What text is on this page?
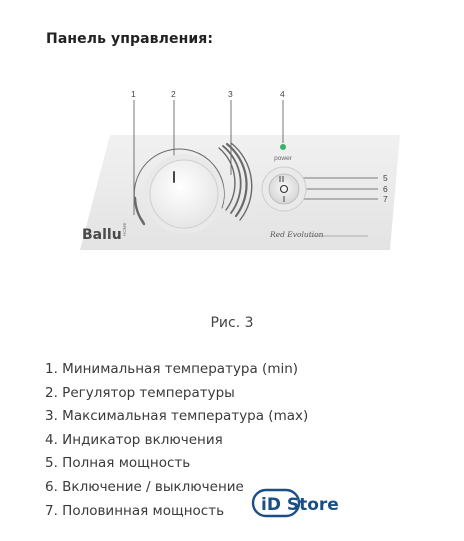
Панель управления:
1	2	3	4
5
6
7
power
Ballu HOME	Red Evolution
Рис. 3
1. Минимальная температура (min)
2. Регулятор температуры
3. Максимальная температура (max)
4. Индикатор включения
5. Полная мощность
6. Включение / выключение
7. Половинная мощность	iD Store
